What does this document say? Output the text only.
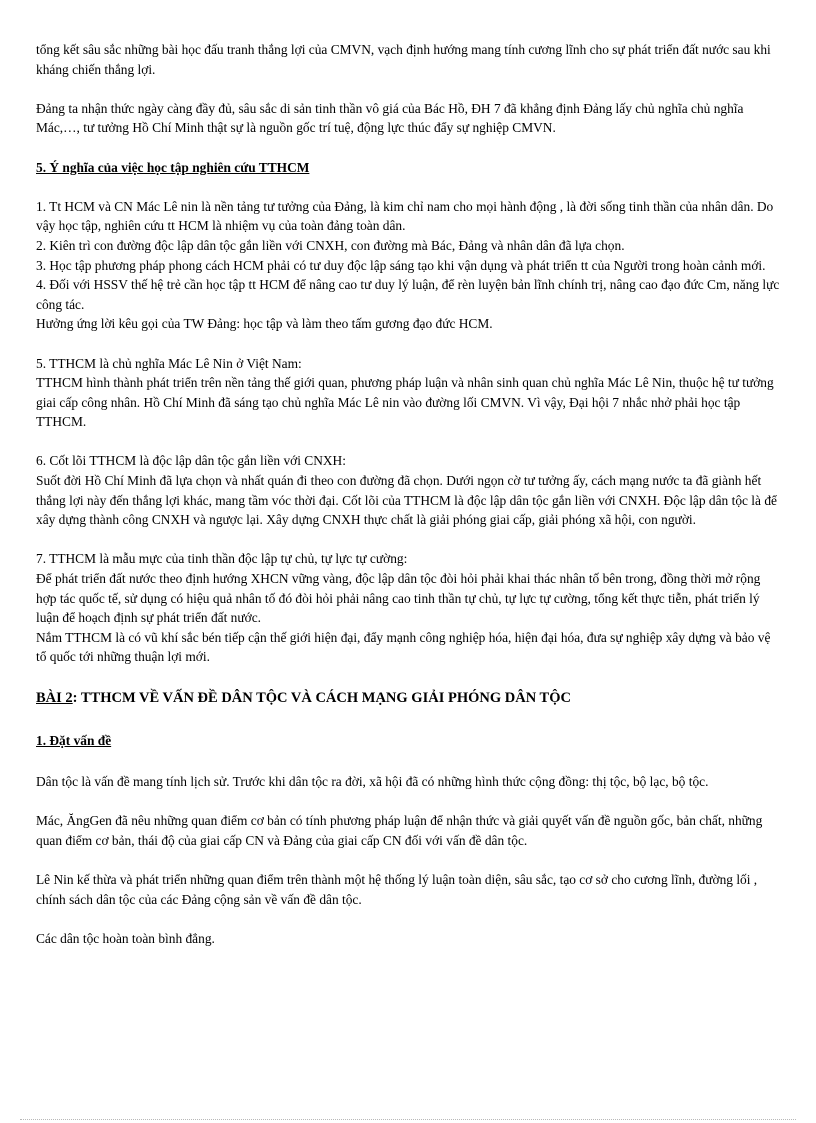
tổng kết sâu sắc những bài học đấu tranh thắng lợi của CMVN, vạch định hướng mang tính cương lĩnh cho sự phát triển đất nước sau khi kháng chiến thắng lợi.

Đảng ta nhận thức ngày càng đầy đủ, sâu sắc di sản tinh thần vô giá của Bác Hồ, ĐH 7 đã khẳng định Đảng lấy chủ nghĩa chủ nghĩa Mác,…, tư tưởng Hồ Chí Minh thật sự là nguồn gốc trí tuệ, động lực thúc đẩy sự nghiệp CMVN.

5. Ý nghĩa của việc học tập nghiên cứu TTHCM

1. Tt HCM và CN Mác Lê nin là nền tảng tư tưởng của Đảng, là kim chỉ nam cho mọi hành động , là đời sống tinh thần của nhân dân. Do vậy học tập, nghiên cứu tt HCM là nhiệm vụ của toàn đảng toàn dân.

2. Kiên trì con đường độc lập dân tộc gắn liền với CNXH, con đường mà Bác, Đảng và nhân dân đã lựa chọn.

3. Học tập phương pháp phong cách HCM phải có tư duy độc lập sáng tạo khi vận dụng và phát triển tt của Người trong hoàn cảnh mới.

4. Đối với HSSV thế hệ trẻ cần học tập tt HCM để nâng cao tư duy lý luận, để rèn luyện bản lĩnh chính trị, nâng cao đạo đức Cm, năng lực công tác.

Hưởng ứng lời kêu gọi của TW Đảng: học tập và làm theo tấm gương đạo đức HCM.

5. TTHCM là chủ nghĩa Mác Lê Nin ở Việt Nam:

TTHCM hình thành phát triển trên nền tảng thế giới quan, phương pháp luận và nhân sinh quan chủ nghĩa Mác Lê Nin, thuộc hệ tư tưởng giai cấp công nhân. Hồ Chí Minh đã sáng tạo chủ nghĩa Mác Lê nin vào đường lối CMVN. Vì vậy, Đại hội 7 nhắc nhở phải học tập TTHCM.

6. Cốt lõi TTHCM là độc lập dân tộc gắn liền với CNXH:

Suốt đời Hồ Chí Minh đã lựa chọn và nhất quán đi theo con đường đã chọn. Dưới ngọn cờ tư tưởng ấy, cách mạng nước ta đã giành hết thắng lợi này đến thắng lợi khác, mang tầm vóc thời đại. Cốt lõi của TTHCM là độc lập dân tộc gắn liền với CNXH. Độc lập dân tộc là để xây dựng thành công CNXH và ngược lại. Xây dựng CNXH thực chất là giải phóng giai cấp, giải phóng xã hội, con người.

7. TTHCM là mẫu mực của tinh thần độc lập tự chủ, tự lực tự cường:

Để phát triển đất nước theo định hướng XHCN vững vàng, độc lập dân tộc đòi hỏi phải khai thác nhân tố bên trong, đồng thời mở rộng hợp tác quốc tế, sử dụng có hiệu quả nhân tố đó đòi hỏi phải nâng cao tinh thần tự chủ, tự lực tự cường, tổng kết thực tiễn, phát triển lý luận để hoạch định sự phát triển đất nước.

Nắm TTHCM là có vũ khí sắc bén tiếp cận thế giới hiện đại, đẩy mạnh công nghiệp hóa, hiện đại hóa, đưa sự nghiệp xây dựng và bảo vệ tổ quốc tới những thuận lợi mới.

BÀI 2: TTHCM VỀ VẤN ĐỀ DÂN TỘC VÀ CÁCH MẠNG GIẢI PHÓNG DÂN TỘC

1. Đặt vấn đề

Dân tộc là vấn đề mang tính lịch sử. Trước khi dân tộc ra đời, xã hội đã có những hình thức cộng đồng: thị tộc, bộ lạc, bộ tộc.

Mác, ĂngGen đã nêu những quan điểm cơ bản có tính phương pháp luận để nhận thức và giải quyết vấn đề nguồn gốc, bản chất, những quan điểm cơ bản, thái độ của giai cấp CN và Đảng của giai cấp CN đối với vấn đề dân tộc.

Lê Nin kế thừa và phát triển những quan điểm trên thành một hệ thống lý luận toàn diện, sâu sắc, tạo cơ sở cho cương lĩnh, đường lối , chính sách dân tộc của các Đảng cộng sản về vấn đề dân tộc.

Các dân tộc hoàn toàn bình đẳng.
